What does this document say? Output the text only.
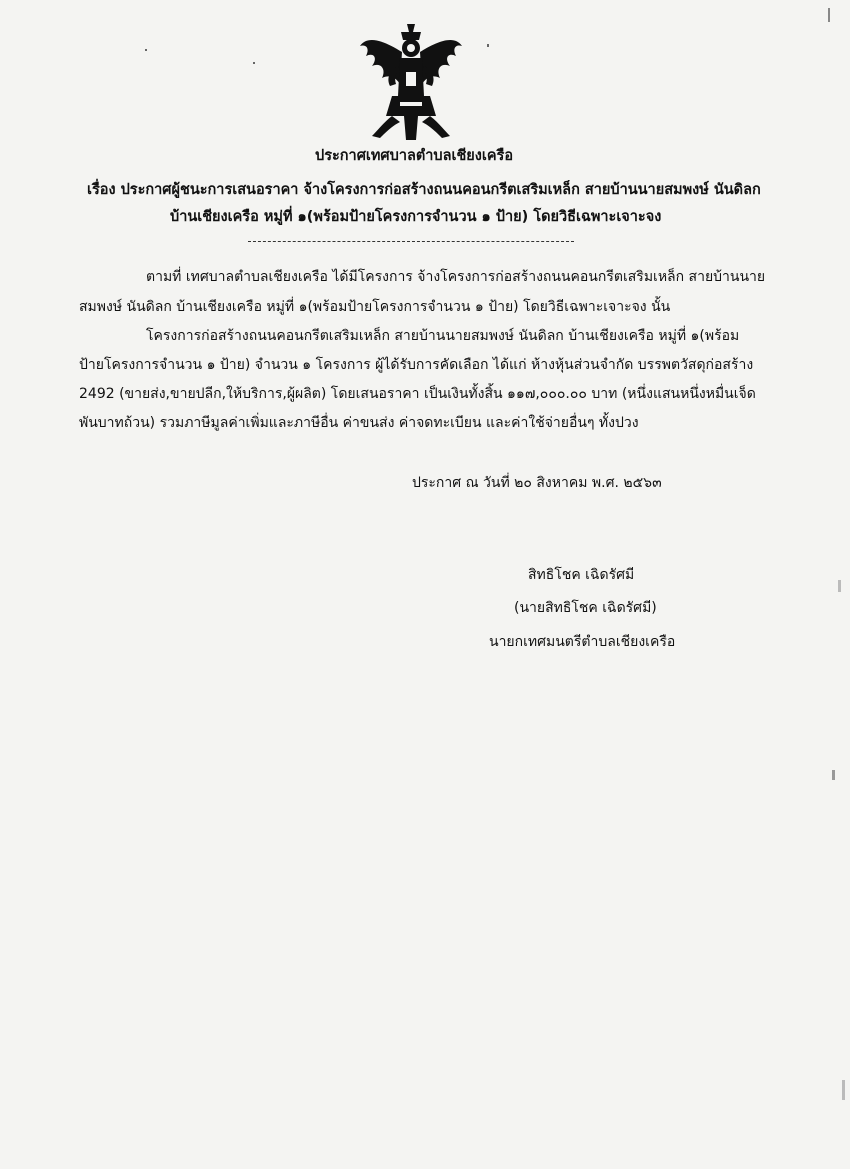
ประกาศเทศบาลตำบลเชียงเครือ
เรื่อง ประกาศผู้ชนะการเสนอราคา จ้างโครงการก่อสร้างถนนคอนกรีตเสริมเหล็ก สายบ้านนายสมพงษ์ นันดิลก
บ้านเชียงเครือ หมู่ที่ ๑(พร้อมป้ายโครงการจำนวน ๑ ป้าย) โดยวิธีเฉพาะเจาะจง
ตามที่ เทศบาลตำบลเชียงเครือ ได้มีโครงการ จ้างโครงการก่อสร้างถนนคอนกรีตเสริมเหล็ก สายบ้านนาย
สมพงษ์ นันดิลก บ้านเชียงเครือ หมู่ที่ ๑(พร้อมป้ายโครงการจำนวน ๑ ป้าย) โดยวิธีเฉพาะเจาะจง นั้น
โครงการก่อสร้างถนนคอนกรีตเสริมเหล็ก สายบ้านนายสมพงษ์ นันดิลก บ้านเชียงเครือ หมู่ที่ ๑(พร้อม
ป้ายโครงการจำนวน ๑ ป้าย) จำนวน ๑ โครงการ ผู้ได้รับการคัดเลือก ได้แก่ ห้างหุ้นส่วนจำกัด บรรพตวัสดุก่อสร้าง
2492 (ขายส่ง,ขายปลีก,ให้บริการ,ผู้ผลิต) โดยเสนอราคา เป็นเงินทั้งสิ้น ๑๑๗,๐๐๐.๐๐ บาท (หนึ่งแสนหนึ่งหมื่นเจ็ด
พันบาทถ้วน) รวมภาษีมูลค่าเพิ่มและภาษีอื่น ค่าขนส่ง ค่าจดทะเบียน และค่าใช้จ่ายอื่นๆ ทั้งปวง
ประกาศ ณ วันที่ ๒๐ สิงหาคม พ.ศ. ๒๕๖๓
สิทธิโชค เฉิดรัศมี
(นายสิทธิโชค เฉิดรัศมี)
นายกเทศมนตรีตำบลเชียงเครือ
